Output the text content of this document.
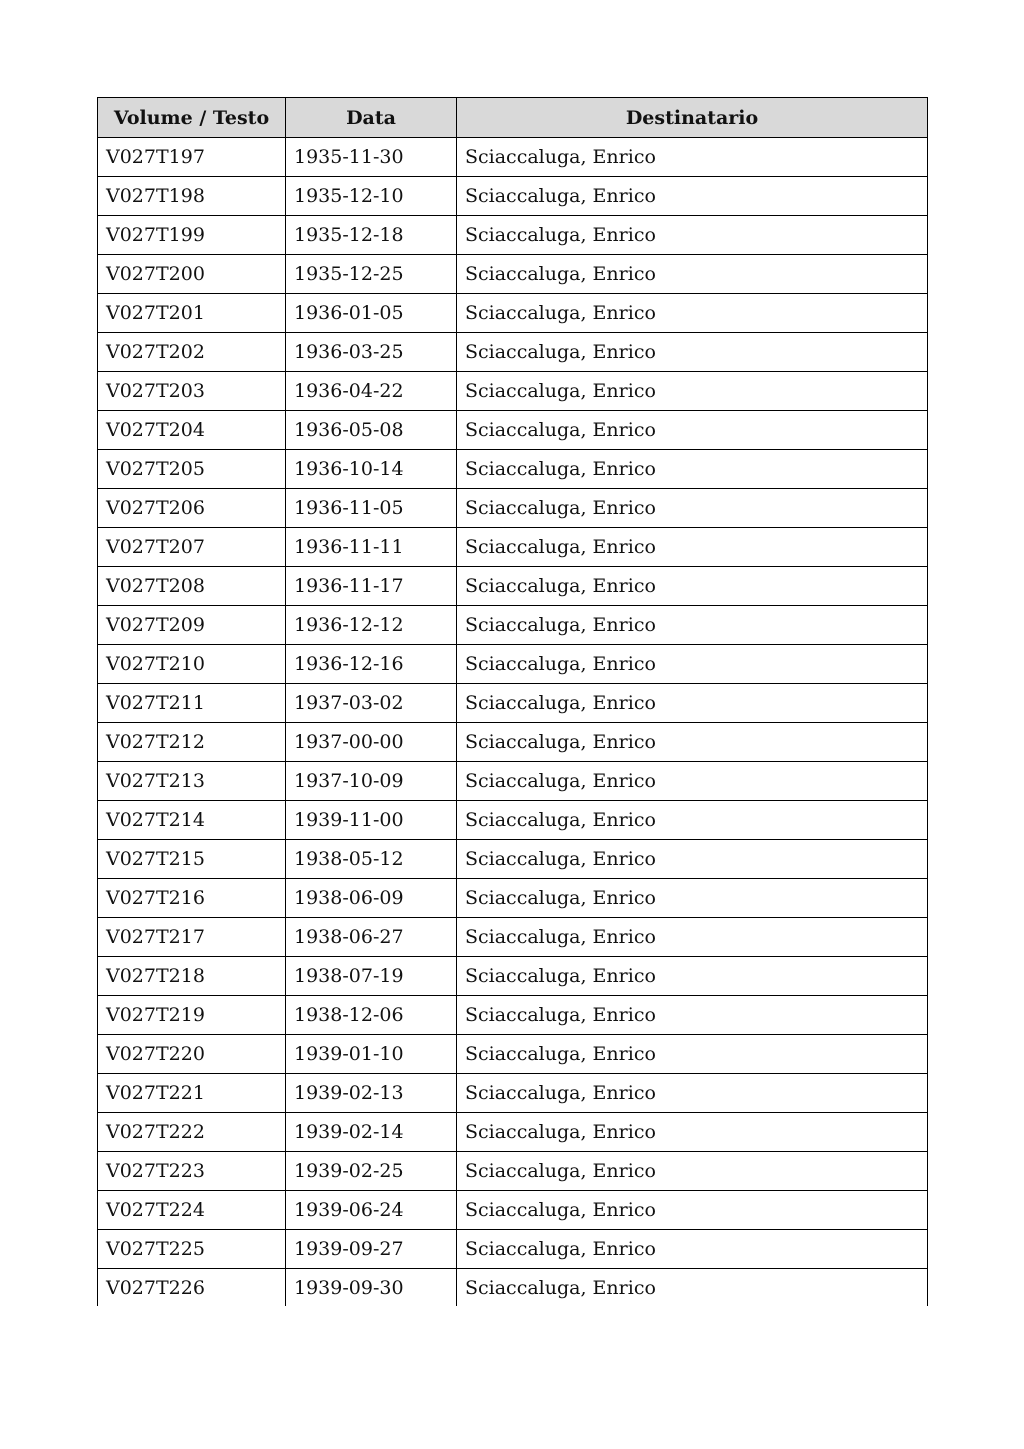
Volume / Testo	Data	Destinatario
V027T197	1935-11-30	Sciaccaluga, Enrico
V027T198	1935-12-10	Sciaccaluga, Enrico
V027T199	1935-12-18	Sciaccaluga, Enrico
V027T200	1935-12-25	Sciaccaluga, Enrico
V027T201	1936-01-05	Sciaccaluga, Enrico
V027T202	1936-03-25	Sciaccaluga, Enrico
V027T203	1936-04-22	Sciaccaluga, Enrico
V027T204	1936-05-08	Sciaccaluga, Enrico
V027T205	1936-10-14	Sciaccaluga, Enrico
V027T206	1936-11-05	Sciaccaluga, Enrico
V027T207	1936-11-11	Sciaccaluga, Enrico
V027T208	1936-11-17	Sciaccaluga, Enrico
V027T209	1936-12-12	Sciaccaluga, Enrico
V027T210	1936-12-16	Sciaccaluga, Enrico
V027T211	1937-03-02	Sciaccaluga, Enrico
V027T212	1937-00-00	Sciaccaluga, Enrico
V027T213	1937-10-09	Sciaccaluga, Enrico
V027T214	1939-11-00	Sciaccaluga, Enrico
V027T215	1938-05-12	Sciaccaluga, Enrico
V027T216	1938-06-09	Sciaccaluga, Enrico
V027T217	1938-06-27	Sciaccaluga, Enrico
V027T218	1938-07-19	Sciaccaluga, Enrico
V027T219	1938-12-06	Sciaccaluga, Enrico
V027T220	1939-01-10	Sciaccaluga, Enrico
V027T221	1939-02-13	Sciaccaluga, Enrico
V027T222	1939-02-14	Sciaccaluga, Enrico
V027T223	1939-02-25	Sciaccaluga, Enrico
V027T224	1939-06-24	Sciaccaluga, Enrico
V027T225	1939-09-27	Sciaccaluga, Enrico
V027T226	1939-09-30	Sciaccaluga, Enrico
